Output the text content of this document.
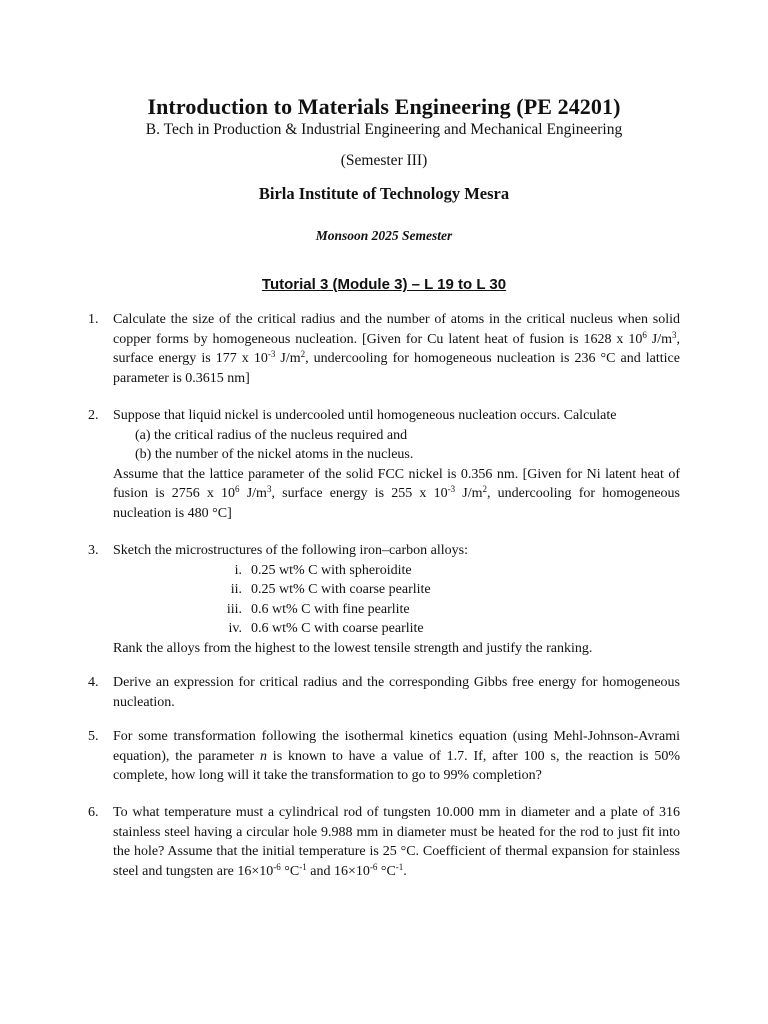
Introduction to Materials Engineering (PE 24201)
B. Tech in Production & Industrial Engineering and Mechanical Engineering
(Semester III)
Birla Institute of Technology Mesra
Monsoon 2025 Semester
Tutorial 3 (Module 3) – L 19 to L 30
1. Calculate the size of the critical radius and the number of atoms in the critical nucleus when solid copper forms by homogeneous nucleation. [Given for Cu latent heat of fusion is 1628 x $10^6$ $J/m^3$, surface energy is 177 x $10^{-3}$ $J/m^2$, undercooling for homogeneous nucleation is 236 °C and lattice parameter is 0.3615 nm]
2. Suppose that liquid nickel is undercooled until homogeneous nucleation occurs. Calculate
(a) the critical radius of the nucleus required and
(b) the number of the nickel atoms in the nucleus.
Assume that the lattice parameter of the solid FCC nickel is 0.356 nm. [Given for Ni latent heat of fusion is 2756 x $10^6$ $J/m^3$, surface energy is 255 x $10^{-3}$ $J/m^2$, undercooling for homogeneous nucleation is 480 °C]
3. Sketch the microstructures of the following iron–carbon alloys:
i. 0.25 wt% C with spheroidite
ii. 0.25 wt% C with coarse pearlite
iii. 0.6 wt% C with fine pearlite
iv. 0.6 wt% C with coarse pearlite
Rank the alloys from the highest to the lowest tensile strength and justify the ranking.
4. Derive an expression for critical radius and the corresponding Gibbs free energy for homogeneous nucleation.
5. For some transformation following the isothermal kinetics equation (using Mehl-Johnson-Avrami equation), the parameter n is known to have a value of 1.7. If, after 100 s, the reaction is 50% complete, how long will it take the transformation to go to 99% completion?
6. To what temperature must a cylindrical rod of tungsten 10.000 mm in diameter and a plate of 316 stainless steel having a circular hole 9.988 mm in diameter must be heated for the rod to just fit into the hole? Assume that the initial temperature is 25 °C. Coefficient of thermal expansion for stainless steel and tungsten are $16\times 10^{-6}$ $^\circ C^{-1}$ and $16\times 10^{-6}$ $^\circ C^{-1}$.
